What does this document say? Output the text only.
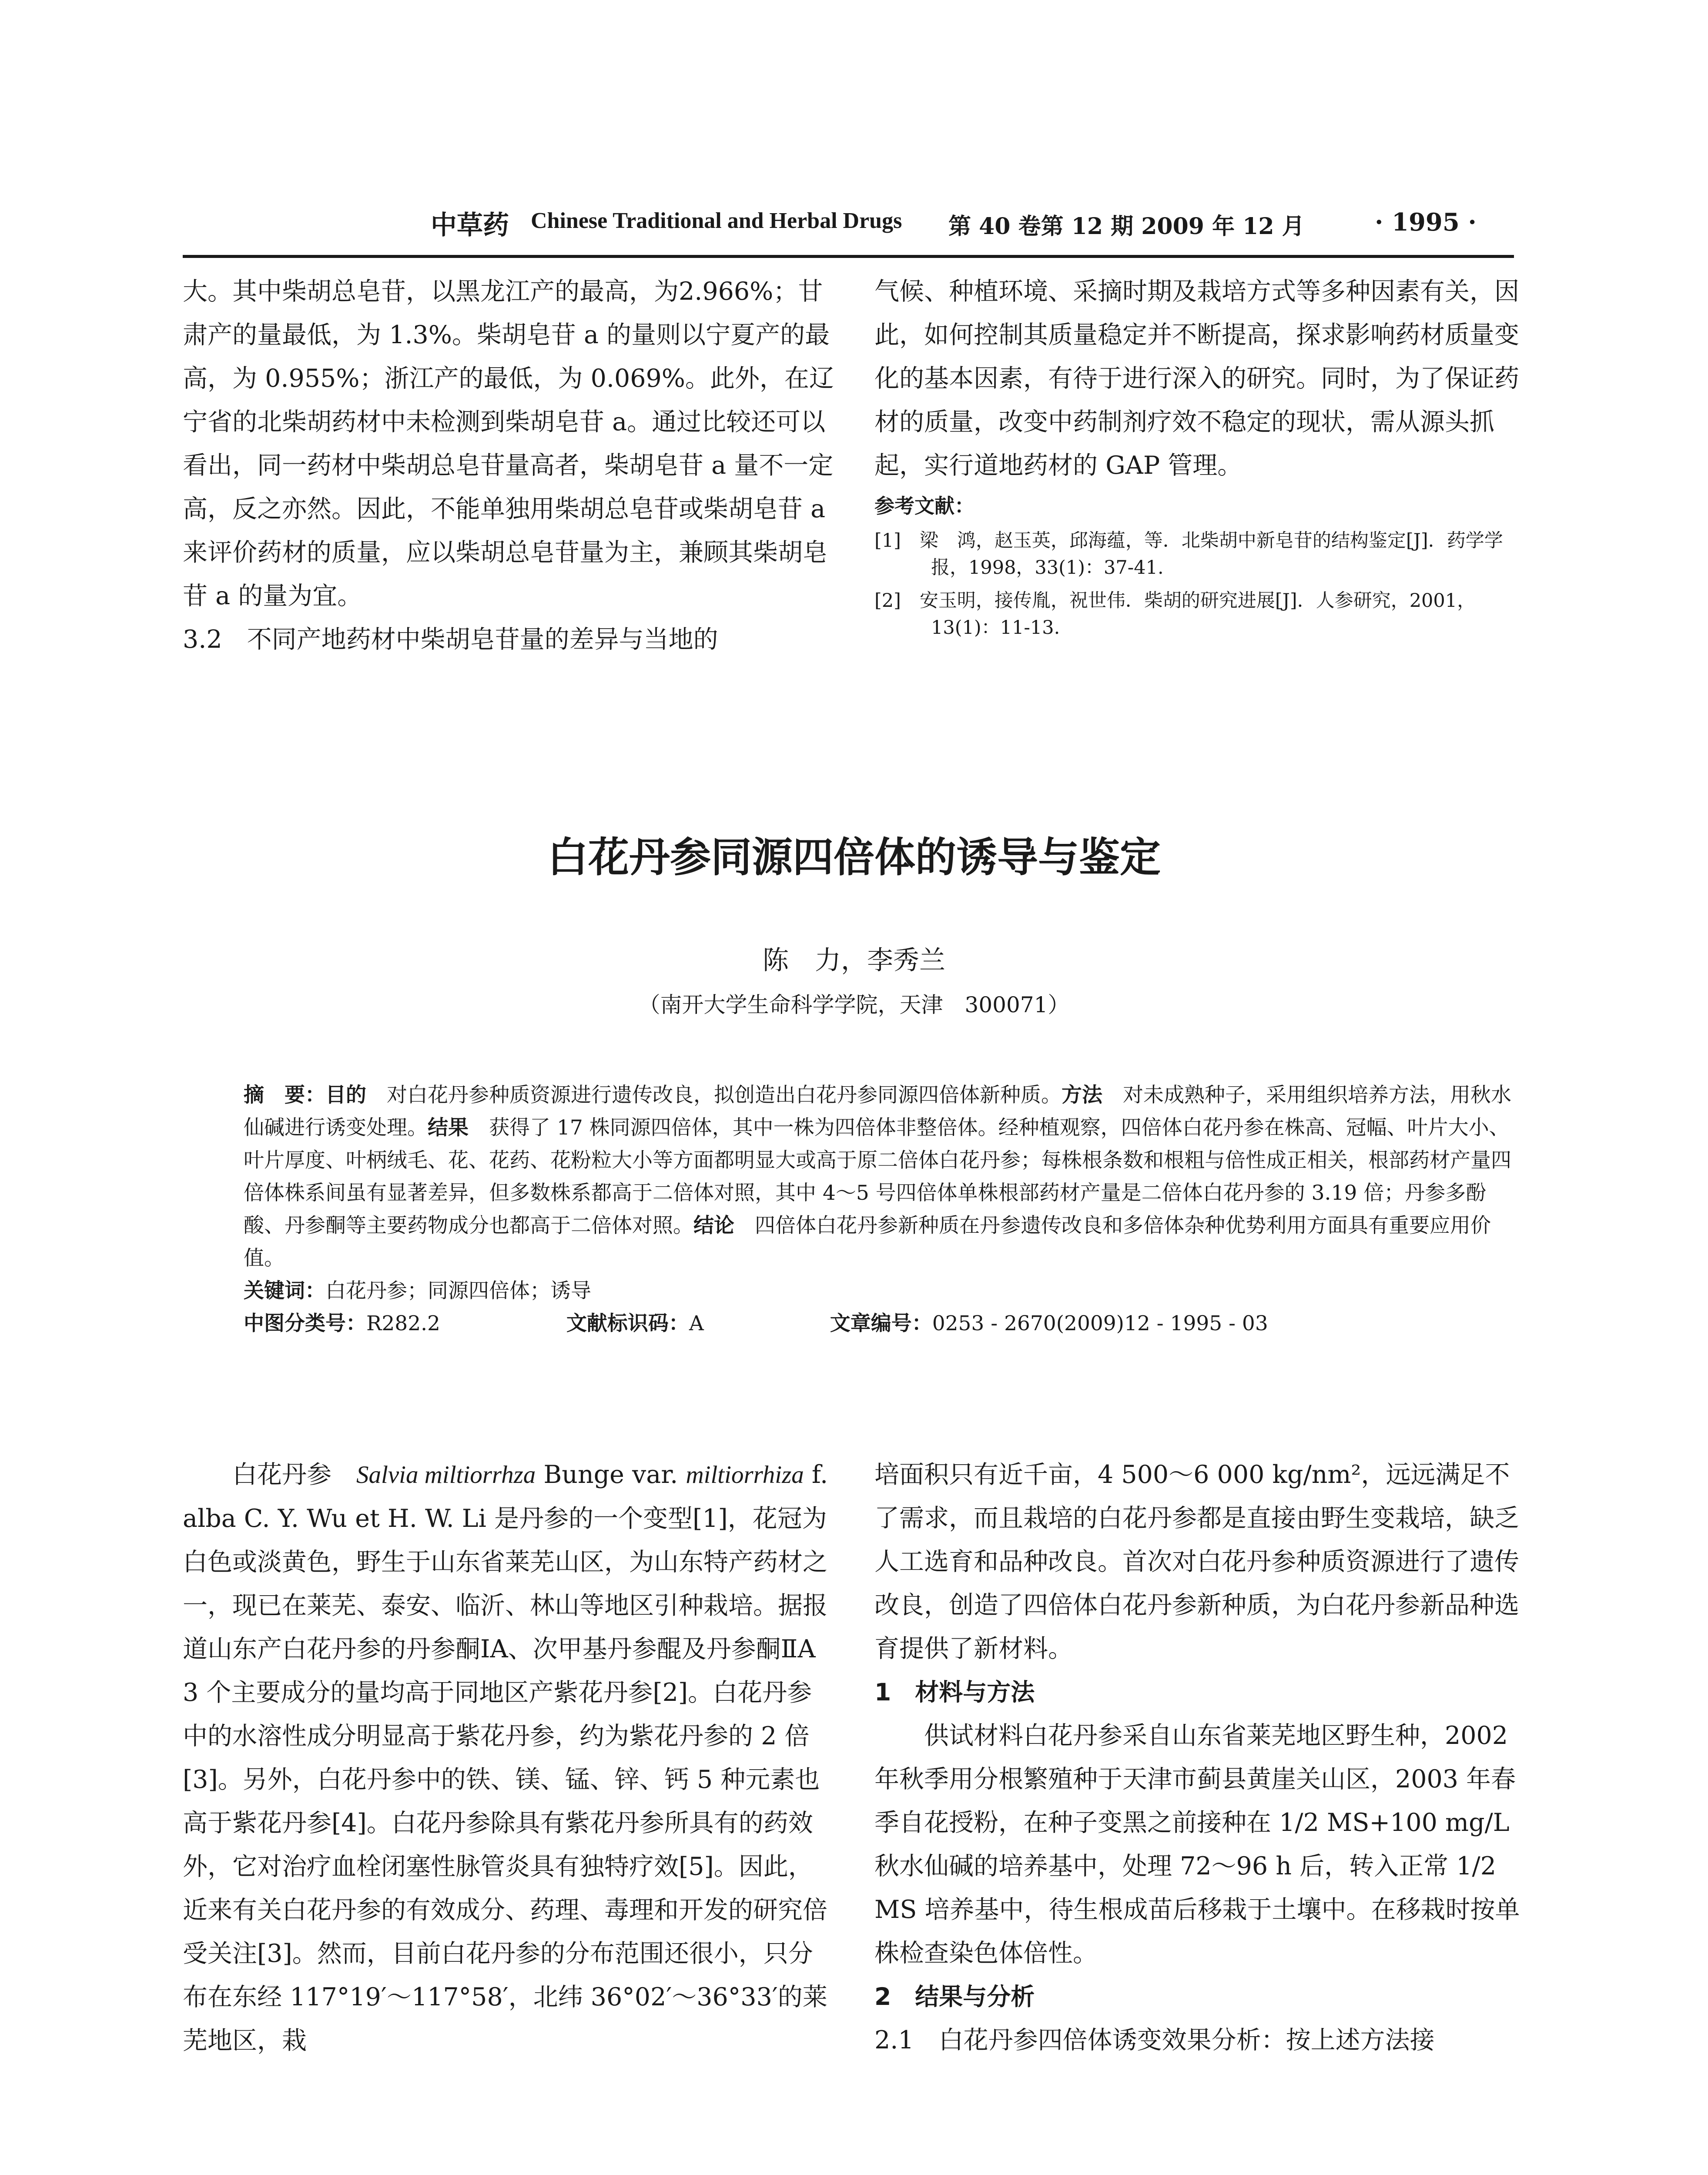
中草药 Chinese Traditional and Herbal Drugs 第 40 卷第 12 期 2009 年 12 月	· 1995 ·

大。其中柴胡总皂苷，以黑龙江产的最高，为2.966%；甘肃产的量最低，为 1.3%。柴胡皂苷 a 的量则以宁夏产的最高，为 0.955%；浙江产的最低，为 0.069%。此外，在辽宁省的北柴胡药材中未检测到柴胡皂苷 a。通过比较还可以看出，同一药材中柴胡总皂苷量高者，柴胡皂苷 a 量不一定高，反之亦然。因此，不能单独用柴胡总皂苷或柴胡皂苷 a 来评价药材的质量，应以柴胡总皂苷量为主，兼顾其柴胡皂苷 a 的量为宜。

3.2　不同产地药材中柴胡皂苷量的差异与当地的

气候、种植环境、采摘时期及栽培方式等多种因素有关，因此，如何控制其质量稳定并不断提高，探求影响药材质量变化的基本因素，有待于进行深入的研究。同时，为了保证药材的质量，改变中药制剂疗效不稳定的现状，需从源头抓起，实行道地药材的 GAP 管理。

参考文献：
[1]　梁　鸿，赵玉英，邱海蕴，等．北柴胡中新皂苷的结构鉴定[J]．药学学报，1998，33(1)：37-41.
[2]　安玉明，接传胤，祝世伟．柴胡的研究进展[J]．人参研究，2001，13(1)：11-13.
白花丹参同源四倍体的诱导与鉴定
陈　力，李秀兰
（南开大学生命科学学院，天津　300071）
摘　要：目的　 对白花丹参种质资源进行遗传改良，拟创造出白花丹参同源四倍体新种质。方法　 对未成熟种子，采用组织培养方法，用秋水仙碱进行诱变处理。结果　 获得了 17 株同源四倍体，其中一株为四倍体非整倍体。经种植观察，四倍体白花丹参在株高、冠幅、叶片大小、叶片厚度、叶柄绒毛、花、花药、花粉粒大小等方面都明显大或高于原二倍体白花丹参；每株根条数和根粗与倍性成正相关，根部药材产量四倍体株系间虽有显著差异，但多数株系都高于二倍体对照，其中 4～5 号四倍体单株根部药材产量是二倍体白花丹参的 3.19 倍；丹参多酚酸、丹参酮等主要药物成分也都高于二倍体对照。结论　 四倍体白花丹参新种质在丹参遗传改良和多倍体杂种优势利用方面具有重要应用价值。
关键词：白花丹参；同源四倍体；诱导
中图分类号：R282.2	文献标识码：A	文章编号：0253 - 2670(2009)12 - 1995 - 03

白花丹参　 Salvia miltiorrhza Bunge var. miltiorrhiza f. alba C. Y. Wu et H. W. Li 是丹参的一个变型[1]，花冠为白色或淡黄色，野生于山东省莱芜山区，为山东特产药材之一，现已在莱芜、泰安、临沂、林山等地区引种栽培。据报道山东产白花丹参的丹参酮ⅠA、次甲基丹参醌及丹参酮ⅡA 3 个主要成分的量均高于同地区产紫花丹参[2]。白花丹参中的水溶性成分明显高于紫花丹参，约为紫花丹参的 2 倍[3]。另外，白花丹参中的铁、镁、锰、锌、钙 5 种元素也高于紫花丹参[4]。白花丹参除具有紫花丹参所具有的药效外，它对治疗血栓闭塞性脉管炎具有独特疗效[5]。因此，近来有关白花丹参的有效成分、药理、毒理和开发的研究倍受关注[3]。然而，目前白花丹参的分布范围还很小，只分布在东经 117°19′～117°58′，北纬 36°02′～36°33′的莱芜地区，栽

培面积只有近千亩，4 500～6 000 kg/nm²，远远满足不了需求，而且栽培的白花丹参都是直接由野生变栽培，缺乏人工选育和品种改良。首次对白花丹参种质资源进行了遗传改良，创造了四倍体白花丹参新种质，为白花丹参新品种选育提供了新材料。

1　材料与方法

供试材料白花丹参采自山东省莱芜地区野生种，2002 年秋季用分根繁殖种于天津市蓟县黄崖关山区，2003 年春季自花授粉，在种子变黑之前接种在 1/2 MS+100 mg/L 秋水仙碱的培养基中，处理 72～96 h 后，转入正常 1/2 MS 培养基中，待生根成苗后移栽于土壤中。在移栽时按单株检查染色体倍性。

2　结果与分析

2.1　白花丹参四倍体诱变效果分析：按上述方法接
